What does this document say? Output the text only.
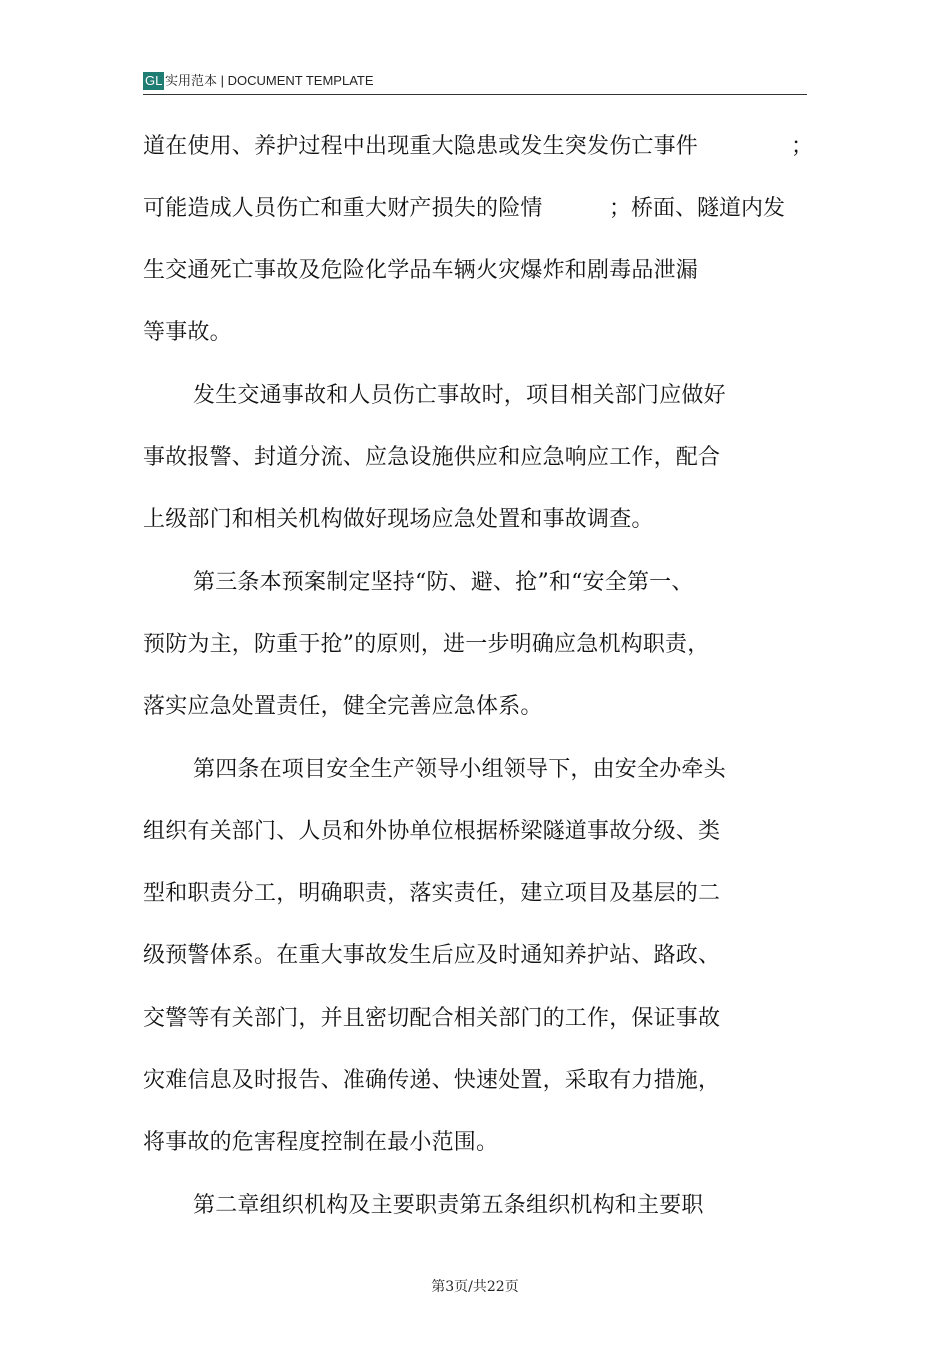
GL 实用范本 | DOCUMENT TEMPLATE
道在使用、养护过程中出现重大隐患或发生突发伤亡事件	；
可能造成人员伤亡和重大财产损失的险情	；桥面、隧道内发
生交通死亡事故及危险化学品车辆火灾爆炸和剧毒品泄漏
等事故。
发生交通事故和人员伤亡事故时，项目相关部门应做好
事故报警、封道分流、应急设施供应和应急响应工作，配合
上级部门和相关机构做好现场应急处置和事故调查。
第三条本预案制定坚持“防、避、抢”和“安全第一、
预防为主，防重于抢”的原则，进一步明确应急机构职责，
落实应急处置责任，健全完善应急体系。
第四条在项目安全生产领导小组领导下，由安全办牵头
组织有关部门、人员和外协单位根据桥梁隧道事故分级、类
型和职责分工，明确职责，落实责任，建立项目及基层的二
级预警体系。在重大事故发生后应及时通知养护站、路政、
交警等有关部门，并且密切配合相关部门的工作，保证事故
灾难信息及时报告、准确传递、快速处置，采取有力措施，
将事故的危害程度控制在最小范围。
第二章组织机构及主要职责第五条组织机构和主要职
第3页/共22页
